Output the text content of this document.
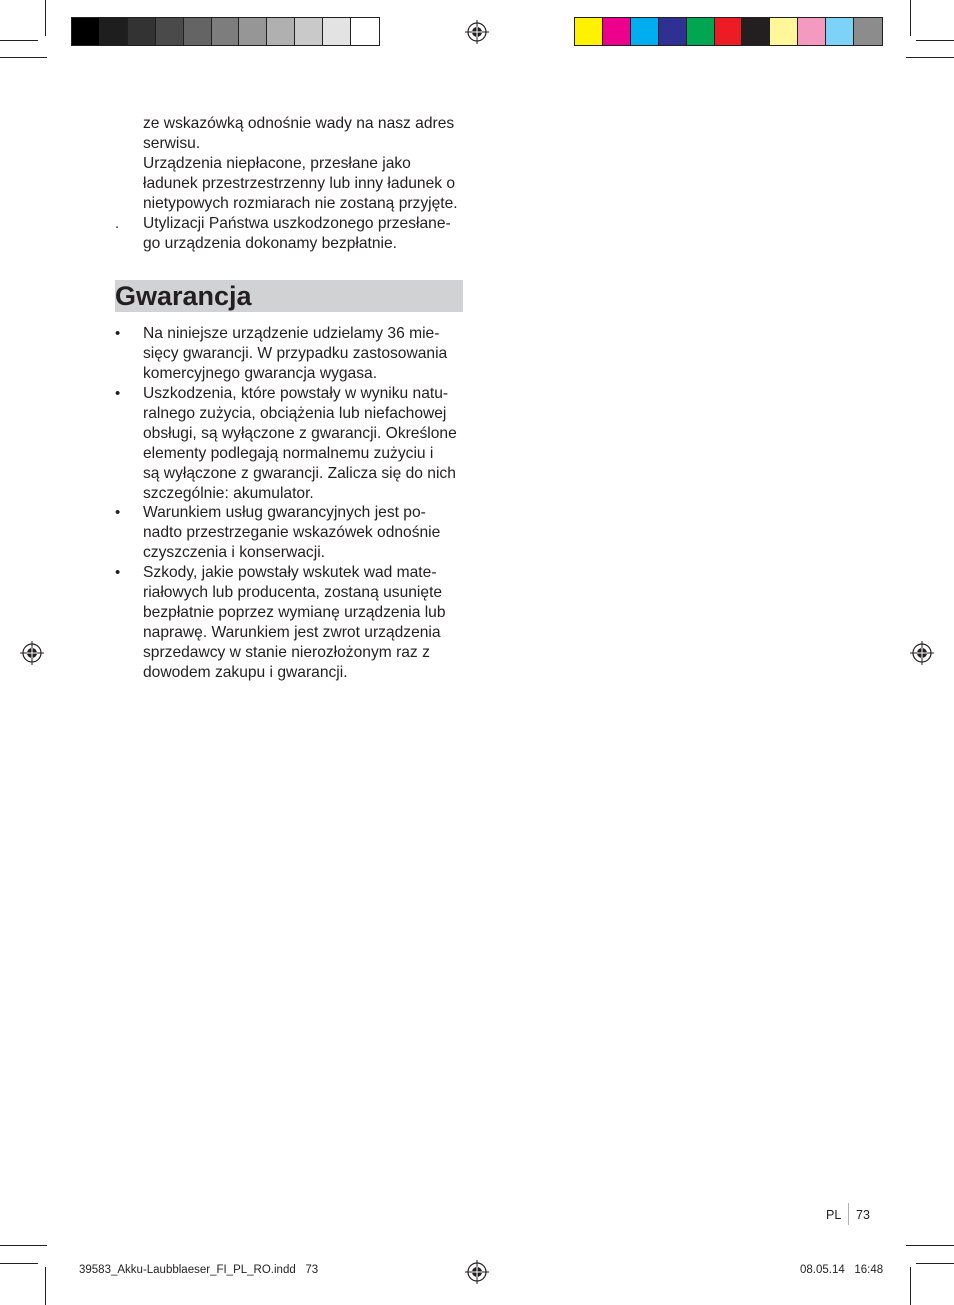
ze wskazówką odnośnie wady na nasz adres
serwisu.
Urządzenia niepłacone, przesłane jako
ładunek przestrzestrzenny lub inny ładunek o
nietypowych rozmiarach nie zostaną przyjęte.
. Utylizacji Państwa uszkodzonego przesłane-
go urządzenia dokonamy bezpłatnie.
Gwarancja
• Na niniejsze urządzenie udzielamy 36 mie-
sięcy gwarancji. W przypadku zastosowania
komercyjnego gwarancja wygasa.
• Uszkodzenia, które powstały w wyniku natu-
ralnego zużycia, obciążenia lub niefachowej
obsługi, są wyłączone z gwarancji. Określone
elementy podlegają normalnemu zużyciu i
są wyłączone z gwarancji. Zalicza się do nich
szczególnie: akumulator.
• Warunkiem usług gwarancyjnych jest po-
nadto przestrzeganie wskazówek odnośnie
czyszczenia i konserwacji.
• Szkody, jakie powstały wskutek wad mate-
riałowych lub producenta, zostaną usunięte
bezpłatnie poprzez wymianę urządzenia lub
naprawę. Warunkiem jest zwrot urządzenia
sprzedawcy w stanie nierozłożonym raz z
dowodem zakupu i gwarancji.
PL 73
39583_Akku-Laubblaeser_FI_PL_RO.indd   73	08.05.14   16:48
